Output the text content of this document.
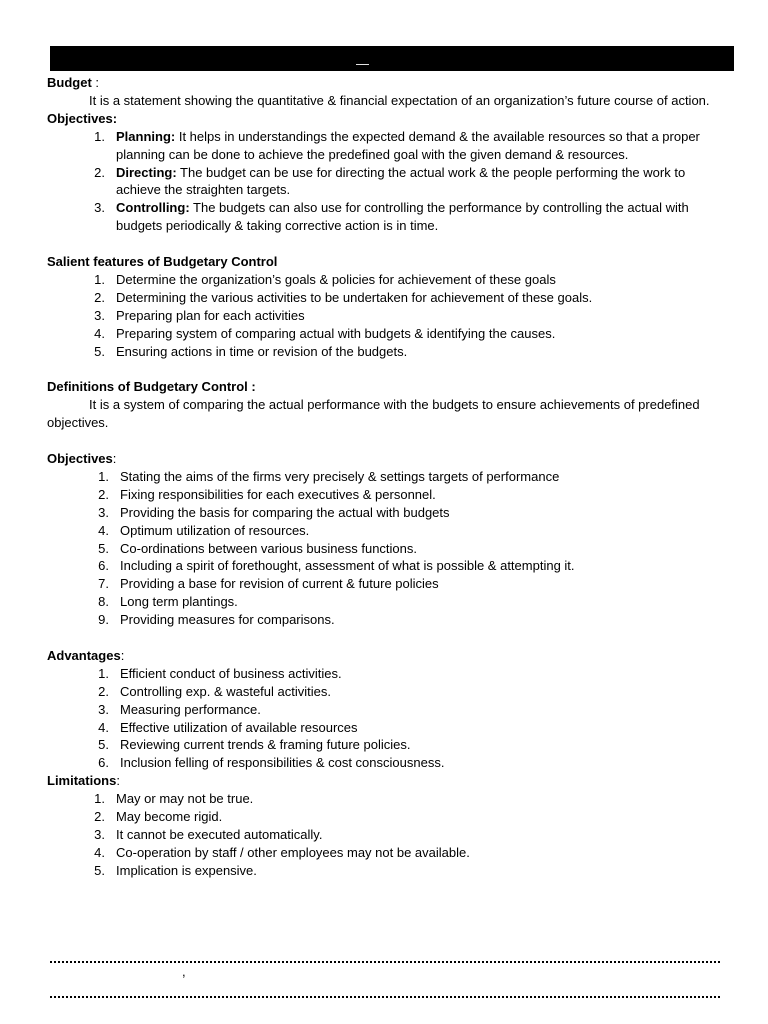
—
Budget :

It is a statement showing the quantitative & financial expectation of an organization’s future course of action.

Objectives:
1. Planning: It helps in understandings the expected demand & the available resources so that a proper planning can be done to achieve the predefined goal with the given demand & resources.
2. Directing: The budget can be use for directing the actual work & the people performing the work to achieve the straighten targets.
3. Controlling: The budgets can also use for controlling the performance by controlling the actual with budgets periodically & taking corrective action is in time.
Salient features of Budgetary Control
1. Determine the organization’s goals & policies for achievement of these goals
2. Determining the various activities to be undertaken for achievement of these goals.
3. Preparing plan for each activities
4. Preparing system of comparing actual with budgets & identifying the causes.
5. Ensuring actions in time or revision of the budgets.
Definitions of Budgetary Control :

It is a system of comparing the actual performance with the budgets to ensure achievements of predefined objectives.

Objectives:
1. Stating the aims of the firms very precisely & settings targets of performance
2. Fixing responsibilities for each executives & personnel.
3. Providing the basis for comparing the actual with budgets
4. Optimum utilization of resources.
5. Co-ordinations between various business functions.
6. Including a spirit of forethought, assessment of what is possible & attempting it.
7. Providing a base for revision of current & future policies
8. Long term plantings.
9. Providing measures for comparisons.
Advantages:
1. Efficient conduct of business activities.
2. Controlling exp. & wasteful activities.
3. Measuring performance.
4. Effective utilization of available resources
5. Reviewing current trends & framing future policies.
6. Inclusion felling of responsibilities & cost consciousness.
Limitations:
1. May or may not be true.
2. May become rigid.
3. It cannot be executed automatically.
4. Co-operation by staff / other employees may not be available.
5. Implication is expensive.
,
